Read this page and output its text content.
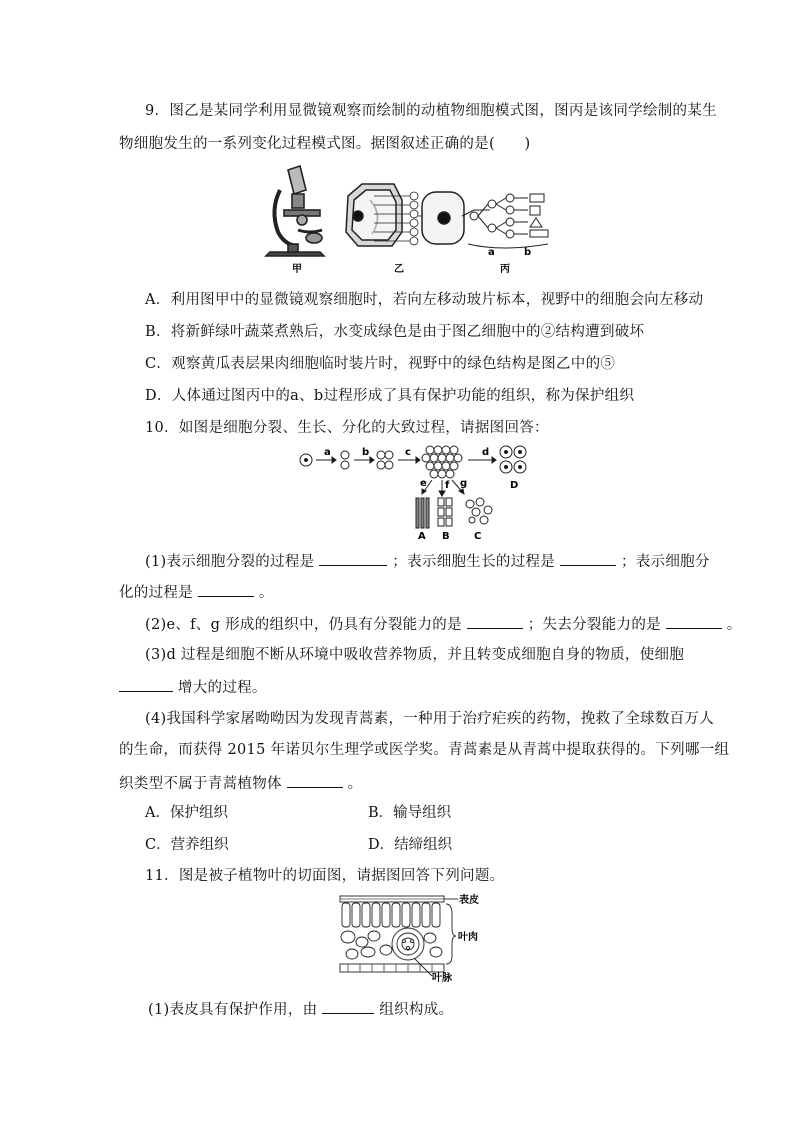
9．图乙是某同学利用显微镜观察而绘制的动植物细胞模式图，图丙是该同学绘制的某生
物细胞发生的一系列变化过程模式图。据图叙述正确的是(　　)
甲	乙
a	b
丙
A．利用图甲中的显微镜观察细胞时，若向左移动玻片标本，视野中的细胞会向左移动
B．将新鲜绿叶蔬菜煮熟后，水变成绿色是由于图乙细胞中的②结构遭到破坏
C．观察黄瓜表层果肉细胞临时装片时，视野中的绿色结构是图乙中的⑤
D．人体通过图丙中的a、b过程形成了具有保护功能的组织，称为保护组织
10．如图是细胞分裂、生长、分化的大致过程，请据图回答：
a	b	c	d
e f g	D
A B C
(1)表示细胞分裂的过程是	；表示细胞生长的过程是	；表示细胞分
化的过程是	。
(2)e、f、g 形成的组织中，仍具有分裂能力的是	；失去分裂能力的是	。
(3)d 过程是细胞不断从环境中吸收营养物质，并且转变成细胞自身的物质，使细胞
增大的过程。
(4)我国科学家屠呦呦因为发现青蒿素，一种用于治疗疟疾的药物，挽救了全球数百万人
的生命，而获得 2015 年诺贝尔生理学或医学奖。青蒿素是从青蒿中提取获得的。下列哪一组
织类型不属于青蒿植物体	。
A．保护组织	B．输导组织
C．营养组织	D．结缔组织
11．图是被子植物叶的切面图，请据图回答下列问题。
表皮
叶肉
叶脉
(1)表皮具有保护作用，由	组织构成。
